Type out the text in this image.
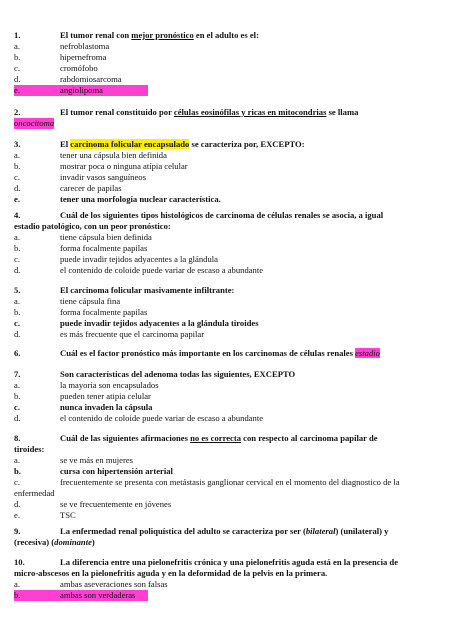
1.	El tumor renal con mejor pronóstico en el adulto es el:
a.	nefroblastoma
b.	hipernefroma
c.	cromófobo
d.	rabdomiosarcoma
e.	angiolipoma
2.	El tumor renal constituido por células eosinófilas y ricas en mitocondrias se llama
oncocitoma
3.	El carcinoma folicular encapsulado se caracteriza por, EXCEPTO:
a.	tener una cápsula bien definida
b.	mostrar poca o ninguna atípia celular
c.	invadir vasos sanguíneos
d.	carecer de papilas
e.	tener una morfología nuclear característica.
4.	Cuál de los siguientes tipos histológicos de carcinoma de células renales se asocia, a igual
estadio patológico, con un peor pronóstico:
a.	tiene cápsula bien definida
b.	forma focalmente papilas
c.	puede invadir tejidos adyacentes a la glándula
d.	el contenido de coloide puede variar de escaso a abundante
5.	El carcinoma folicular masivamente infiltrante:
a.	tiene cápsula fina
b.	forma focalmente papilas
c.	puede invadir tejidos adyacentes a la glándula tiroides
d.	es más frecuente que el carcinoma papilar
6.	Cuál es el factor pronóstico más importante en los carcinomas de células renales estadio
7.	Son características del adenoma todas las siguientes, EXCEPTO
a.	la mayoría son encapsulados
b.	pueden tener atipia celular
c.	nunca invaden la cápsula
d.	el contenido de coloide puede variar de escaso a abundante
8.	Cuál de las siguientes afirmaciones no es correcta con respecto al carcinoma papilar de
tiroides:
a.	se ve más en mujeres
b.	cursa con hipertensión arterial
c.	frecuentemente se presenta con metástasis ganglionar cervical en el momento del diagnostico de la
enfermedad
d.	se ve frecuentemente en jóvenes
e.	TSC
9.	La enfermedad renal poliquística del adulto se caracteriza por ser (bilateral) (unilateral) y
(recesiva) (dominante)
10.	La diferencia entre una pielonefritis crónica y una pielonefritis aguda está en la presencia de
micro-abscesos en la pielonefritis aguda y en la deformidad de la pelvis en la primera.
a.	ambas aseveraciones son falsas
b.	ambas son verdaderas
